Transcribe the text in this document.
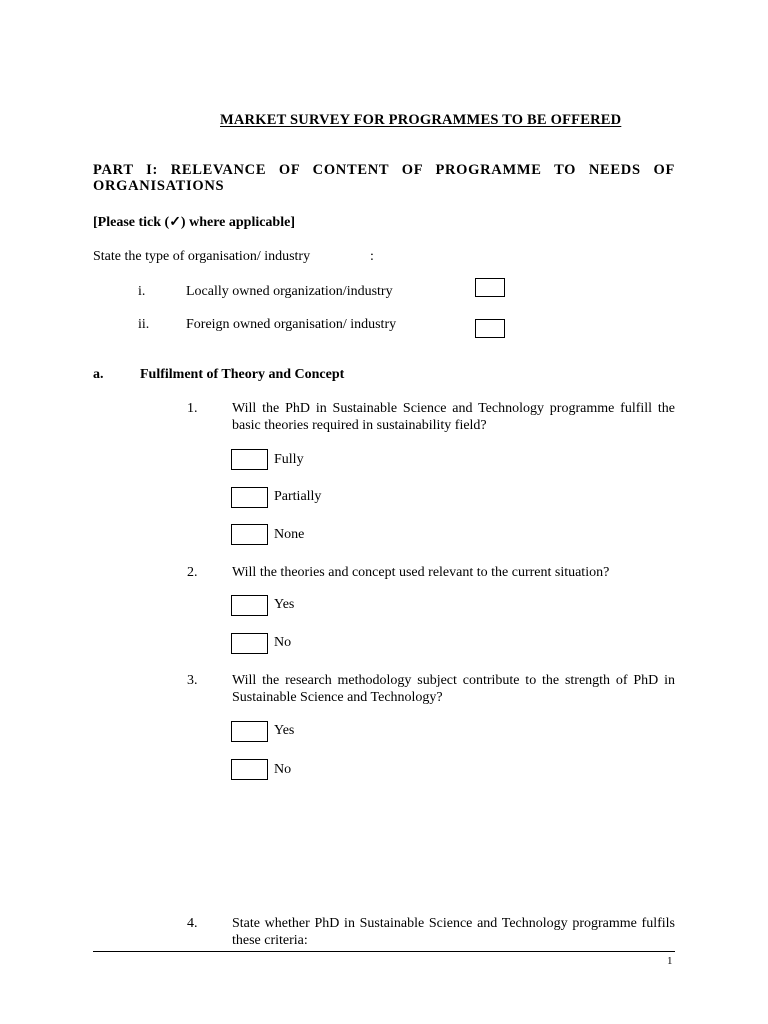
MARKET SURVEY FOR PROGRAMMES TO BE OFFERED
PART I: RELEVANCE OF CONTENT OF PROGRAMME TO NEEDS OF ORGANISATIONS
[Please tick (✓) where applicable]
State the type of organisation/ industry	:
i.	Locally owned organization/industry
ii.	Foreign owned organisation/ industry
a.	Fulfilment of Theory and Concept
1. Will the PhD in Sustainable Science and Technology programme fulfill the basic theories required in sustainability field?
Fully
Partially
None
2. Will the theories and concept used relevant to the current situation?
Yes
No
3. Will the research methodology subject contribute to the strength of PhD in Sustainable Science and Technology?
Yes
No
4. State whether PhD in Sustainable Science and Technology programme fulfils these criteria:
1
